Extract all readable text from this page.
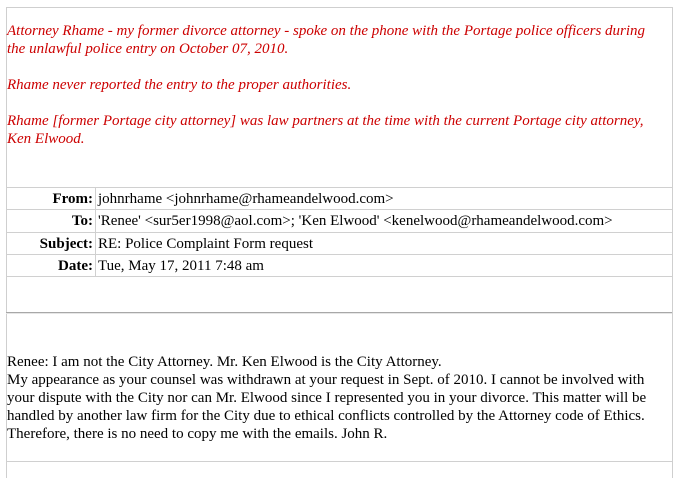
Attorney Rhame - my former divorce attorney - spoke on the phone with the Portage police officers during the unlawful police entry on October 07, 2010.

Rhame never reported the entry to the proper authorities.

Rhame [former Portage city attorney] was law partners at the time with the current Portage city attorney, Ken Elwood.

From: johnrhame <johnrhame@rhameandelwood.com>
To: 'Renee' <sur5er1998@aol.com>; 'Ken Elwood' <kenelwood@rhameandelwood.com>
Subject: RE: Police Complaint Form request
Date: Tue, May 17, 2011 7:48 am

Renee: I am not the City Attorney. Mr. Ken Elwood is the City Attorney.

My appearance as your counsel was withdrawn at your request in Sept. of 2010. I cannot be involved with your dispute with the City nor can Mr. Elwood since I represented you in your divorce. This matter will be handled by another law firm for the City due to ethical conflicts controlled by the Attorney code of Ethics. Therefore, there is no need to copy me with the emails. John R.
